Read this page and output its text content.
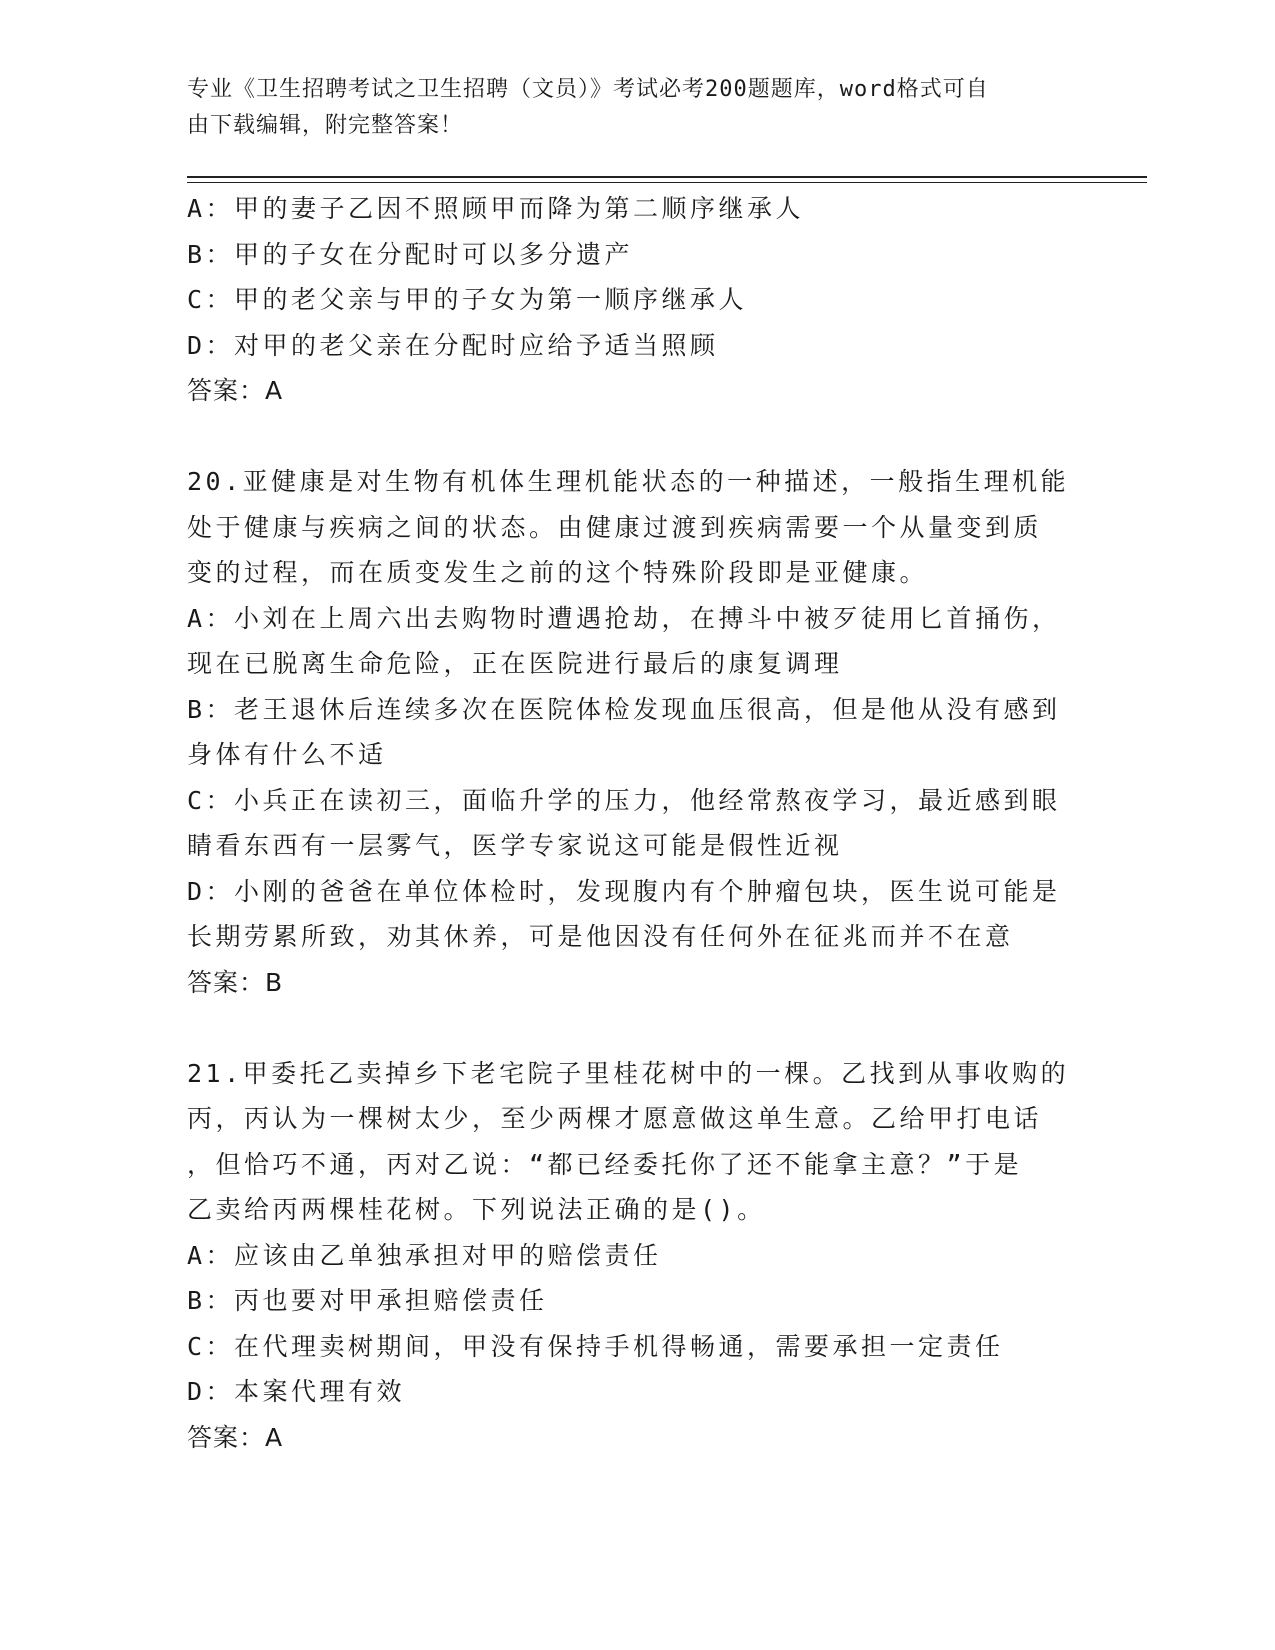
专业《卫生招聘考试之卫生招聘（文员）》考试必考200题题库，word格式可自
由下载编辑，附完整答案！
A：甲的妻子乙因不照顾甲而降为第二顺序继承人
B：甲的子女在分配时可以多分遗产
C：甲的老父亲与甲的子女为第一顺序继承人
D：对甲的老父亲在分配时应给予适当照顾
答案：A
20.亚健康是对生物有机体生理机能状态的一种描述，一般指生理机能
处于健康与疾病之间的状态。由健康过渡到疾病需要一个从量变到质
变的过程，而在质变发生之前的这个特殊阶段即是亚健康。
A：小刘在上周六出去购物时遭遇抢劫，在搏斗中被歹徒用匕首捅伤，
现在已脱离生命危险，正在医院进行最后的康复调理
B：老王退休后连续多次在医院体检发现血压很高，但是他从没有感到
身体有什么不适
C：小兵正在读初三，面临升学的压力，他经常熬夜学习，最近感到眼
睛看东西有一层雾气，医学专家说这可能是假性近视
D：小刚的爸爸在单位体检时，发现腹内有个肿瘤包块，医生说可能是
长期劳累所致，劝其休养，可是他因没有任何外在征兆而并不在意
答案：B
21.甲委托乙卖掉乡下老宅院子里桂花树中的一棵。乙找到从事收购的
丙，丙认为一棵树太少，至少两棵才愿意做这单生意。乙给甲打电话
，但恰巧不通，丙对乙说：“都已经委托你了还不能拿主意？”于是
乙卖给丙两棵桂花树。下列说法正确的是()。
A：应该由乙单独承担对甲的赔偿责任
B：丙也要对甲承担赔偿责任
C：在代理卖树期间，甲没有保持手机得畅通，需要承担一定责任
D：本案代理有效
答案：A
